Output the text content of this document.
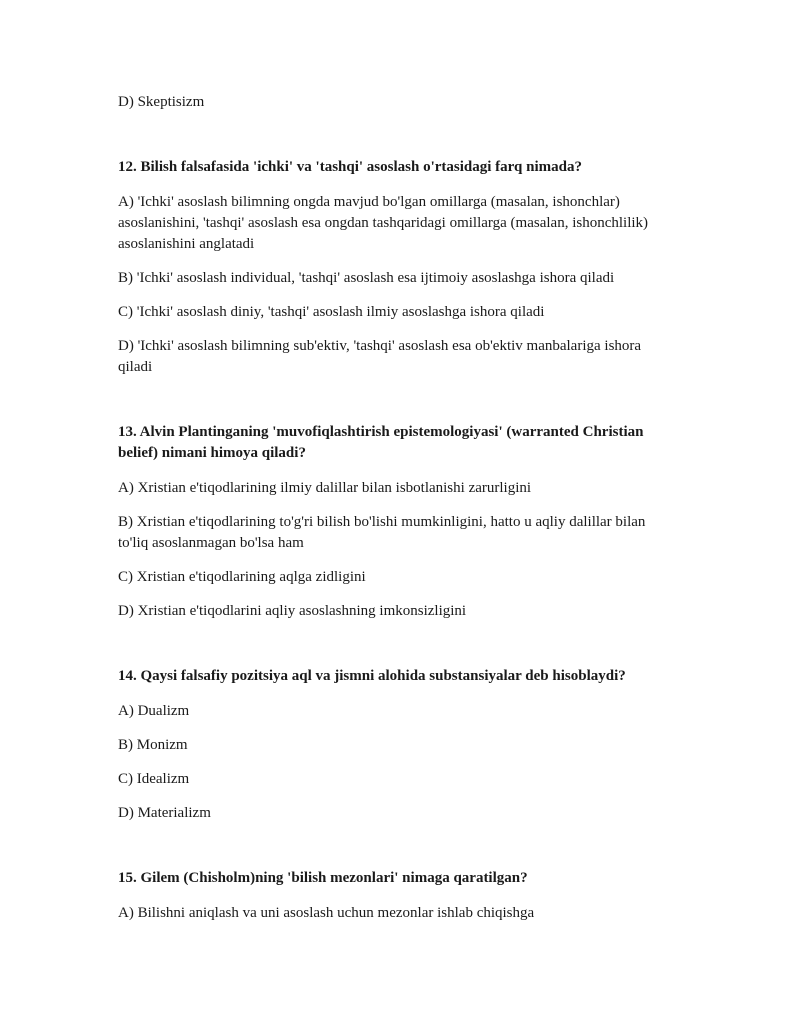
D) Skeptisizm

12. Bilish falsafasida 'ichki' va 'tashqi' asoslash o'rtasidagi farq nimada?

A) 'Ichki' asoslash bilimning ongda mavjud bo'lgan omillarga (masalan, ishonchlar) asoslanishini, 'tashqi' asoslash esa ongdan tashqaridagi omillarga (masalan, ishonchlilik) asoslanishini anglatadi

B) 'Ichki' asoslash individual, 'tashqi' asoslash esa ijtimoiy asoslashga ishora qiladi

C) 'Ichki' asoslash diniy, 'tashqi' asoslash ilmiy asoslashga ishora qiladi

D) 'Ichki' asoslash bilimning sub'ektiv, 'tashqi' asoslash esa ob'ektiv manbalariga ishora qiladi

13. Alvin Plantinganing 'muvofiqlashtirish epistemologiyasi' (warranted Christian belief) nimani himoya qiladi?

A) Xristian e'tiqodlarining ilmiy dalillar bilan isbotlanishi zarurligini

B) Xristian e'tiqodlarining to'g'ri bilish bo'lishi mumkinligini, hatto u aqliy dalillar bilan to'liq asoslanmagan bo'lsa ham

C) Xristian e'tiqodlarining aqlga zidligini

D) Xristian e'tiqodlarini aqliy asoslashning imkonsizligini

14. Qaysi falsafiy pozitsiya aql va jismni alohida substansiyalar deb hisoblaydi?

A) Dualizm

B) Monizm

C) Idealizm

D) Materializm

15. Gilem (Chisholm)ning 'bilish mezonlari' nimaga qaratilgan?

A) Bilishni aniqlash va uni asoslash uchun mezonlar ishlab chiqishga
